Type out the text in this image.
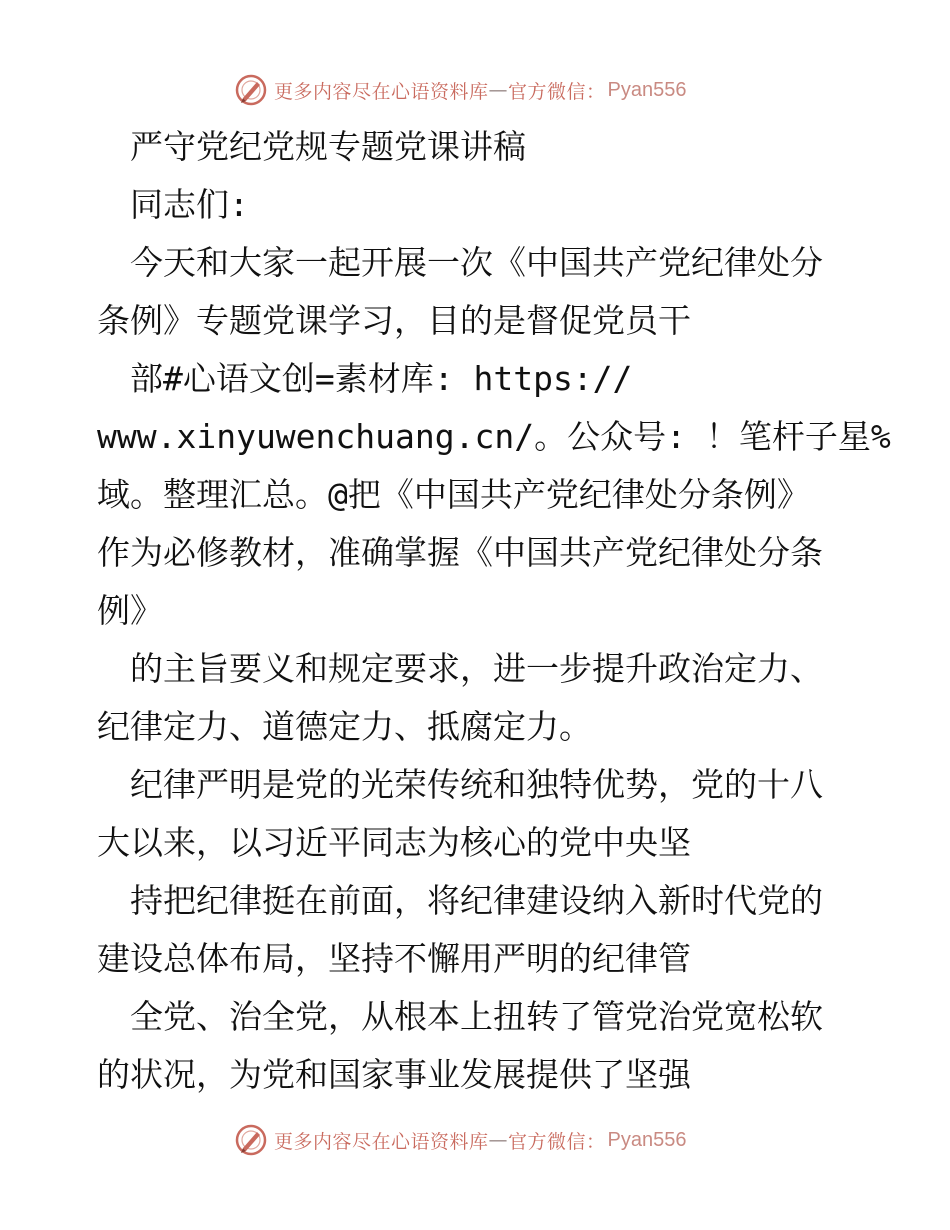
更多内容尽在心语资料库 — 官方微信： Pyan556

　严守党纪党规专题党课讲稿

　同志们:

　今天和大家一起开展一次《中国共产党纪律处分

条例》专题党课学习，目的是督促党员干

　部#心语文创=素材库: https://

www.xinyuwenchuang.cn/。公众号: ！笔杆子星%

域。整理汇总。@把《中国共产党纪律处分条例》

作为必修教材，准确掌握《中国共产党纪律处分条

例》

　的主旨要义和规定要求，进一步提升政治定力、

纪律定力、道德定力、抵腐定力。

　纪律严明是党的光荣传统和独特优势，党的十八

大以来，以习近平同志为核心的党中央坚

　持把纪律挺在前面，将纪律建设纳入新时代党的

建设总体布局，坚持不懈用严明的纪律管

　全党、治全党，从根本上扭转了管党治党宽松软

的状况，为党和国家事业发展提供了坚强

更多内容尽在心语资料库 — 官方微信： Pyan556
